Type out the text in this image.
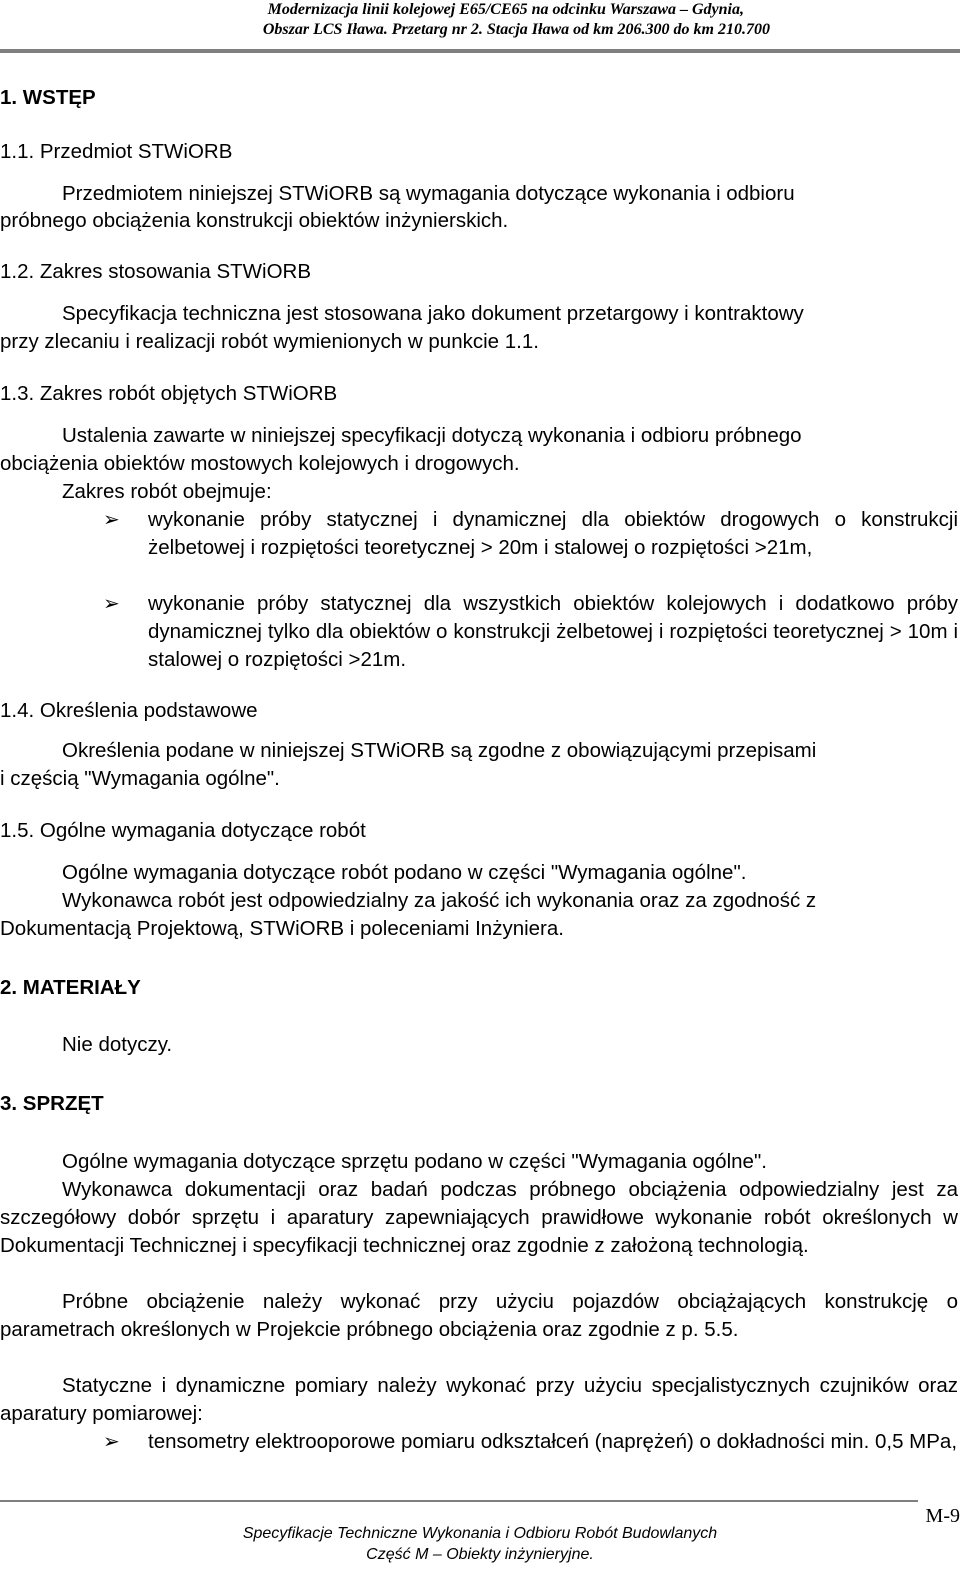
Modernizacja linii kolejowej E65/CE65 na odcinku Warszawa – Gdynia,
Obszar LCS Iława. Przetarg nr 2. Stacja Iława od km 206.300 do km 210.700
1. WSTĘP
1.1. Przedmiot STWiORB
Przedmiotem niniejszej STWiORB są wymagania dotyczące wykonania i odbioru
próbnego obciążenia konstrukcji obiektów inżynierskich.
1.2. Zakres stosowania STWiORB
Specyfikacja techniczna jest stosowana jako dokument przetargowy i kontraktowy
przy zlecaniu i realizacji robót wymienionych w punkcie 1.1.
1.3. Zakres robót objętych STWiORB
Ustalenia zawarte w niniejszej specyfikacji dotyczą wykonania i odbioru próbnego
obciążenia obiektów mostowych kolejowych i drogowych.
Zakres robót obejmuje:
➢ wykonanie próby statycznej i dynamicznej dla obiektów drogowych o konstrukcji żelbetowej i rozpiętości teoretycznej > 20m i stalowej o rozpiętości >21m,
➢ wykonanie próby statycznej dla wszystkich obiektów kolejowych i dodatkowo próby dynamicznej tylko dla obiektów o konstrukcji żelbetowej i rozpiętości teoretycznej > 10m i stalowej o rozpiętości >21m.
1.4. Określenia podstawowe
Określenia podane w niniejszej STWiORB są zgodne z obowiązującymi przepisami
i częścią "Wymagania ogólne".
1.5. Ogólne wymagania dotyczące robót
Ogólne wymagania dotyczące robót podano w części "Wymagania ogólne".
Wykonawca robót jest odpowiedzialny za jakość ich wykonania oraz za zgodność z
Dokumentacją Projektową, STWiORB i poleceniami Inżyniera.
2. MATERIAŁY
Nie dotyczy.
3. SPRZĘT
Ogólne wymagania dotyczące sprzętu podano w części "Wymagania ogólne".
Wykonawca dokumentacji oraz badań podczas próbnego obciążenia odpowiedzialny jest za szczegółowy dobór sprzętu i aparatury zapewniających prawidłowe wykonanie robót określonych w Dokumentacji Technicznej i specyfikacji technicznej oraz zgodnie z założoną technologią.
Próbne obciążenie należy wykonać przy użyciu pojazdów obciążających konstrukcję o parametrach określonych w Projekcie próbnego obciążenia oraz zgodnie z p. 5.5.
Statyczne i dynamiczne pomiary należy wykonać przy użyciu specjalistycznych czujników oraz aparatury pomiarowej:
➢ tensometry elektrooporowe pomiaru odkształceń (naprężeń) o dokładności min. 0,5 MPa,
M-9
Specyfikacje Techniczne Wykonania i Odbioru Robót Budowlanych
Część M – Obiekty inżynieryjne.
